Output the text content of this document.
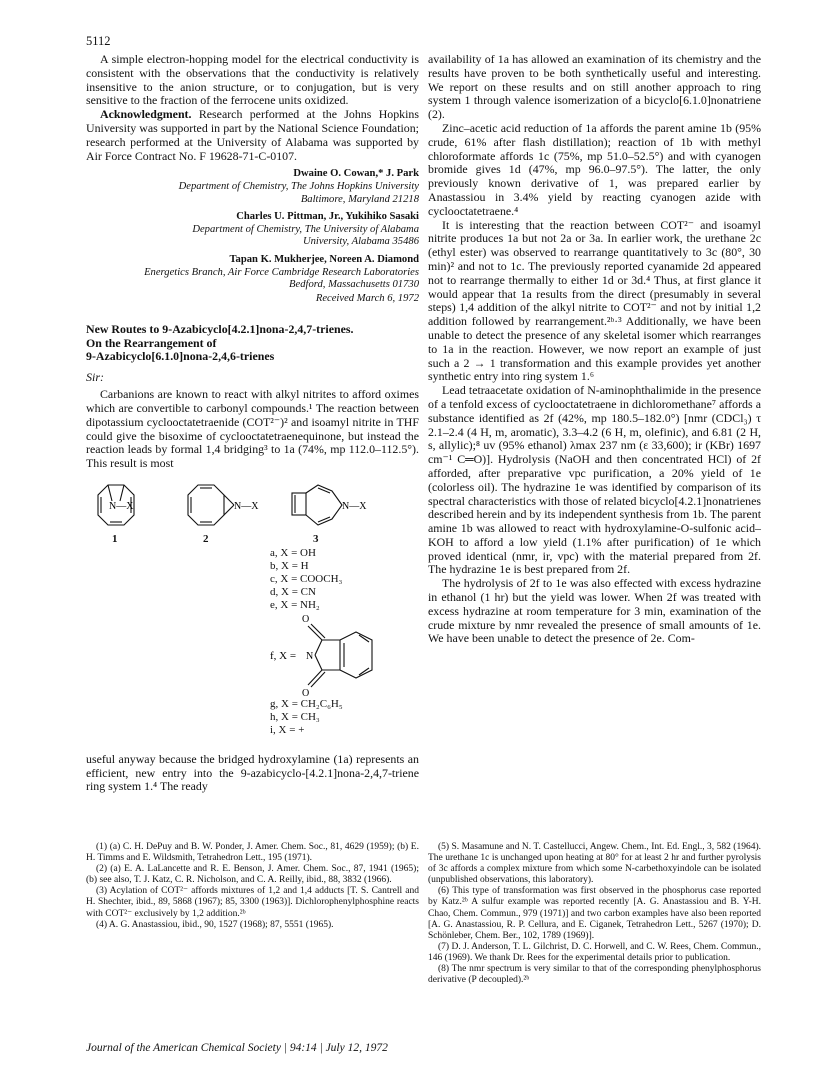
5112

A simple electron-hopping model for the electrical conductivity is consistent with the observations that the conductivity is relatively insensitive to the anion structure, or to conjugation, but is very sensitive to the fraction of the ferrocene units oxidized.

Acknowledgment. Research performed at the Johns Hopkins University was supported in part by the National Science Foundation; research performed at the University of Alabama was supported by Air Force Contract No. F 19628-71-C-0107.

Dwaine O. Cowan,* J. Park
Department of Chemistry, The Johns Hopkins University
Baltimore, Maryland 21218
Charles U. Pittman, Jr., Yukihiko Sasaki
Department of Chemistry, The University of Alabama
University, Alabama 35486
Tapan K. Mukherjee, Noreen A. Diamond
Energetics Branch, Air Force Cambridge Research Laboratories
Bedford, Massachusetts 01730

Received March 6, 1972

New Routes to 9-Azabicyclo[4.2.1]nona-2,4,7-trienes.

On the Rearrangement of

9-Azabicyclo[6.1.0]nona-2,4,6-trienes

Sir:

Carbanions are known to react with alkyl nitrites to afford oximes which are convertible to carbonyl compounds.¹ The reaction between dipotassium cyclooctatetraenide (COT²⁻)² and isoamyl nitrite in THF could give the bisoxime of cyclooctatetraenequinone, but instead the reaction leads by formal 1,4 bridging³ to 1a (74%, mp 112.0–112.5°). This result is most

N—X	N—X	N—X
1	2	3
a, X = OH
b, X = H
c, X = COOCH₃
d, X = CN
e, X = NH₂
f, X =
O
N
O
g, X = CH₂C₆H₅
h, X = CH₃
i, X = +

useful anyway because the bridged hydroxylamine (1a) represents an efficient, new entry into the 9-azabicyclo-[4.2.1]nona-2,4,7-triene ring system 1.⁴ The ready

availability of 1a has allowed an examination of its chemistry and the results have proven to be both synthetically useful and interesting. We report on these results and on still another approach to ring system 1 through valence isomerization of a bicyclo[6.1.0]nonatriene (2).

Zinc–acetic acid reduction of 1a affords the parent amine 1b (95% crude, 61% after flash distillation); reaction of 1b with methyl chloroformate affords 1c (75%, mp 51.0–52.5°) and with cyanogen bromide gives 1d (47%, mp 96.0–97.5°). The latter, the only previously known derivative of 1, was prepared earlier by Anastassiou in 3.4% yield by reacting cyanogen azide with cyclooctatetraene.⁴

It is interesting that the reaction between COT²⁻ and isoamyl nitrite produces 1a but not 2a or 3a. In earlier work, the urethane 2c (ethyl ester) was observed to rearrange quantitatively to 3c (80°, 30 min)² and not to 1c. The previously reported cyanamide 2d appeared not to rearrange thermally to either 1d or 3d.⁴ Thus, at first glance it would appear that 1a results from the direct (presumably in several steps) 1,4 addition of the alkyl nitrite to COT²⁻ and not by initial 1,2 addition followed by rearrangement.²ᵇ·³ Additionally, we have been unable to detect the presence of any skeletal isomer which rearranges to 1a in the reaction. However, we now report an example of just such a 2 → 1 transformation and this example provides yet another synthetic entry into ring system 1.⁶

Lead tetraacetate oxidation of N-aminophthalimide in the presence of a tenfold excess of cyclooctatetraene in dichloromethane⁷ affords a substance identified as 2f (42%, mp 180.5–182.0°) [nmr (CDCl₃) τ 2.1–2.4 (4 H, m, aromatic), 3.3–4.2 (6 H, m, olefinic), and 6.81 (2 H, s, allylic);⁸ uv (95% ethanol) λmax 237 nm (ε 33,600); ir (KBr) 1697 cm⁻¹ C═O)]. Hydrolysis (NaOH and then concentrated HCl) of 2f afforded, after preparative vpc purification, a 20% yield of 1e (colorless oil). The hydrazine 1e was identified by comparison of its spectral characteristics with those of related bicyclo[4.2.1]nonatrienes described herein and by its independent synthesis from 1b. The parent amine 1b was allowed to react with hydroxylamine-O-sulfonic acid–KOH to afford a low yield (1.1% after purification) of 1e which proved identical (nmr, ir, vpc) with the material prepared from 2f. The hydrazine 1e is best prepared from 2f.

The hydrolysis of 2f to 1e was also effected with excess hydrazine in ethanol (1 hr) but the yield was lower. When 2f was treated with excess hydrazine at room temperature for 3 min, examination of the crude mixture by nmr revealed the presence of small amounts of 1e. We have been unable to detect the presence of 2e. Com-

(1) (a) C. H. DePuy and B. W. Ponder, J. Amer. Chem. Soc., 81, 4629 (1959); (b) E. H. Timms and E. Wildsmith, Tetrahedron Lett., 195 (1971).

(2) (a) E. A. LaLancette and R. E. Benson, J. Amer. Chem. Soc., 87, 1941 (1965); (b) see also, T. J. Katz, C. R. Nicholson, and C. A. Reilly, ibid., 88, 3832 (1966).

(3) Acylation of COT²⁻ affords mixtures of 1,2 and 1,4 adducts [T. S. Cantrell and H. Shechter, ibid., 89, 5868 (1967); 85, 3300 (1963)]. Dichlorophenylphosphine reacts with COT²⁻ exclusively by 1,2 addition.²ᵇ

(4) A. G. Anastassiou, ibid., 90, 1527 (1968); 87, 5551 (1965).

(5) S. Masamune and N. T. Castellucci, Angew. Chem., Int. Ed. Engl., 3, 582 (1964). The urethane 1c is unchanged upon heating at 80° for at least 2 hr and further pyrolysis of 3c affords a complex mixture from which some N-carbethoxyindole can be isolated (unpublished observations, this laboratory).

(6) This type of transformation was first observed in the phosphorus case reported by Katz.²ᵇ A sulfur example was reported recently [A. G. Anastassiou and B. Y-H. Chao, Chem. Commun., 979 (1971)] and two carbon examples have also been reported [A. G. Anastassiou, R. P. Cellura, and E. Ciganek, Tetrahedron Lett., 5267 (1970); D. Schönleber, Chem. Ber., 102, 1789 (1969)].

(7) D. J. Anderson, T. L. Gilchrist, D. C. Horwell, and C. W. Rees, Chem. Commun., 146 (1969). We thank Dr. Rees for the experimental details prior to publication.

(8) The nmr spectrum is very similar to that of the corresponding phenylphosphorus derivative (P decoupled).²ᵇ

Journal of the American Chemical Society | 94:14 | July 12, 1972
